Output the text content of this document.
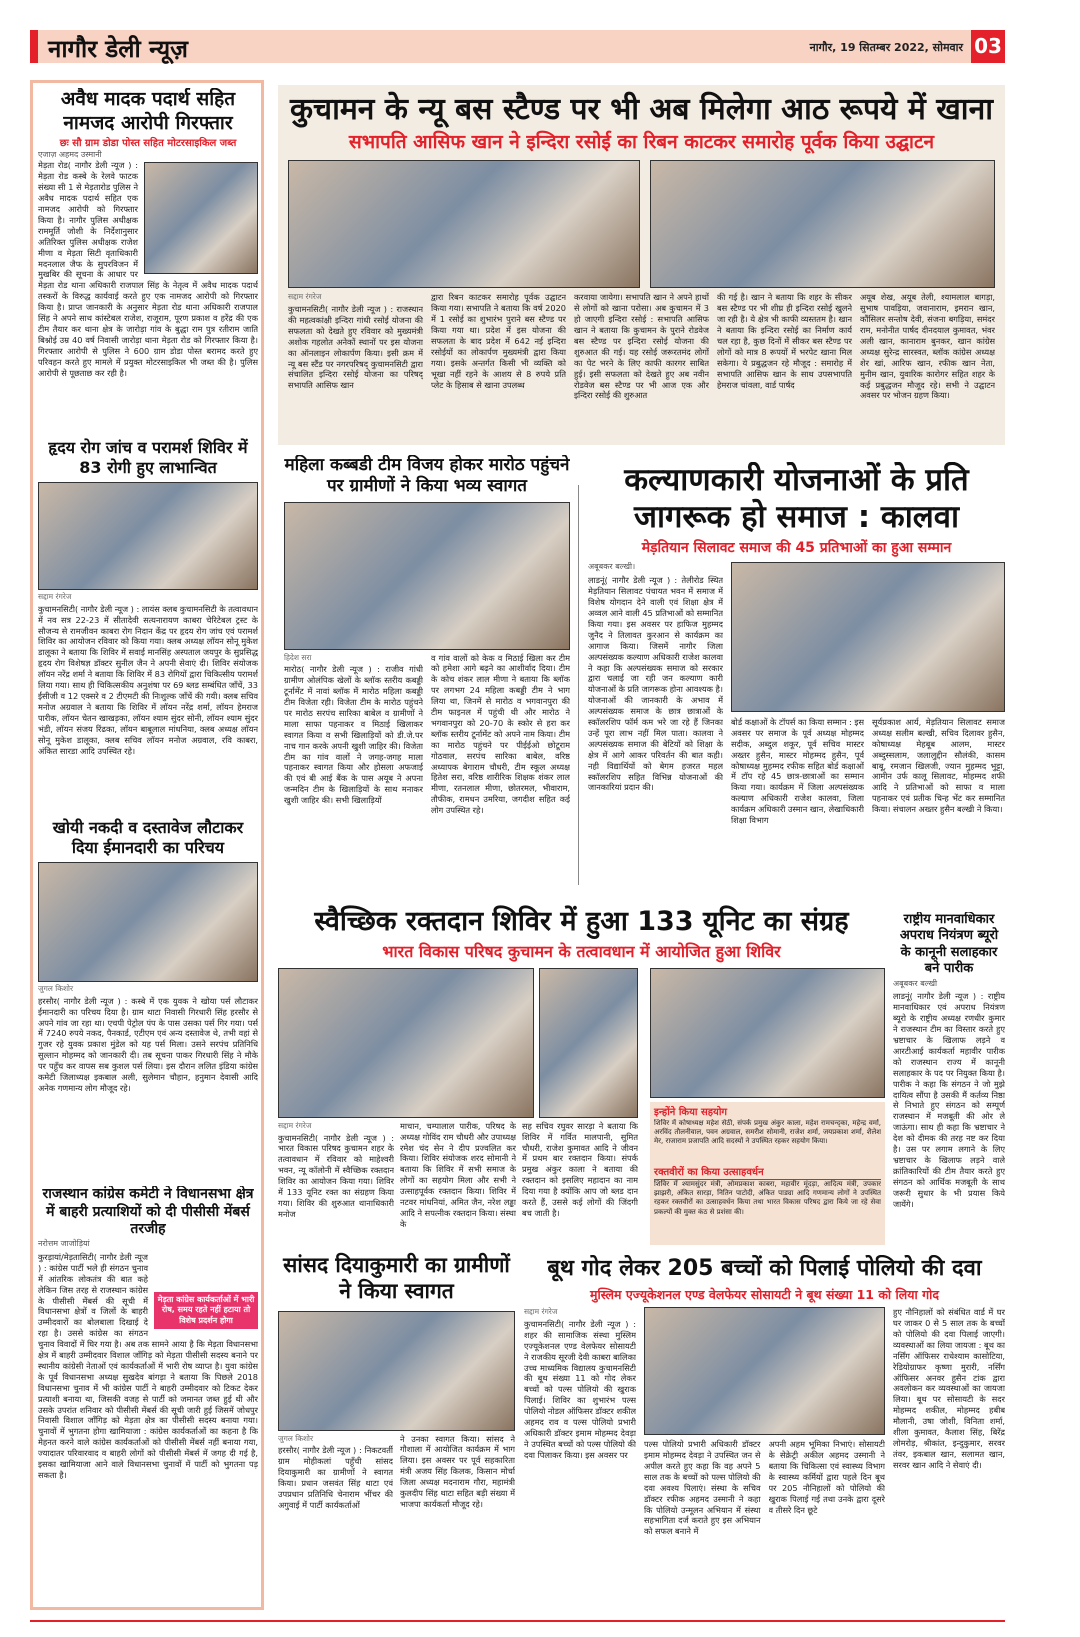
नागौर डेली न्यूज़	नागौर, 19 सितम्बर 2022, सोमवार 03
अवैध मादक पदार्थ सहित नामजद आरोपी गिरफ्तार
छः सौ ग्राम डोडा पोस्त सहित मोटरसाइकिल जब्त
एजाज़ अहमद उस्मानी
मेड़ता रोड( नागौर डेली न्यूज ) : मेड़ता रोड कस्बे के रेलवे फाटक संख्या सी 1 से मेड़तारोड पुलिस ने अवैध मादक पदार्थ सहित एक नामजद आरोपी को गिरफ्तार किया है। नागौर पुलिस अधीक्षक राममूर्ति जोशी के निर्देशानुसार अतिरिक्त पुलिस अधीक्षक राजेश मीणा व मेड़ता सिटी वृताधिकारी मदनलाल जैफ के सुपरविजन में मुखबिर की सूचना के आधार पर मेड़ता रोड थाना अधिकारी राजपाल सिंह के नेतृत्व में अवैध मादक पदार्थ तस्करों के विरुद्ध कार्यवाई करते हुए एक नामजद आरोपी को गिरफ्तार किया है। प्राप्त जानकारी के अनुसार मेड़ता रोड थाना अधिकारी राजपाल सिंह ने अपने साथ कांस्टेबल राजेश, राजूराम, पूरण प्रकाश व हरेंद्र की एक टीम तैयार कर थाना क्षेत्र के जारोड़ा गांव के बुद्धा राम पुत्र रतीराम जाति बिश्नोई उम्र 40 वर्ष निवासी जारोड़ा थाना मेड़ता रोड को गिरफ्तार किया है। गिरफ्तार आरोपी से पुलिस ने 600 ग्राम डोडा पोस्त बरामद करते हुए परिवहन करते हुए मामले में प्रयुक्त मोटरसाइकिल भी जब्त की है। पुलिस आरोपी से पूछताछ कर रही है।
हृदय रोग जांच व परामर्श शिविर में 83 रोगी हुए लाभान्वित
सद्दाम रंगरेज
कुचामनसिटी( नागौर डेली न्यूज ) : लायंस क्लब कुचामनसिटी के तत्वावधान में नव सत्र 22-23 में सीतादेवी सत्यनारायण काबरा चेरिटेबल ट्रस्ट के सौजन्य से रामजीवन काबरा रोग निदान केंद्र पर हृदय रोग जांच एवं परामर्श शिविर का आयोजन रविवार को किया गया। क्लब अध्यक्ष लॉयन सोनू मुकेश डालूका ने बताया कि शिविर में सवाई मानसिंह अस्पताल जयपुर के सुप्रसिद्ध हृदय रोग विशेषज्ञ डॉक्टर सुनील जैन ने अपनी सेवाएं दी। शिविर संयोजक लॉयन नरेंद्र शर्मा ने बताया कि शिविर में 83 रोगियों द्वारा चिकित्सीय परामर्श लिया गया। साथ ही चिकित्सकीय अनुशंषा पर 69 ब्लड सम्बंधित जाँचें, 33 ईसीजी व 12 एक्सरे व 2 टीएमटी की निःशुल्क जाँचें की गयी। क्लब सचिव मनोज अग्रवाल ने बताया कि शिविर में लॉयन नरेंद्र शर्मा, लॉयन हेमराज पारीक, लॉयन चेतन खाखड़का, लॉयन श्याम सुंदर सोनी, लॉयन श्याम सुंदर भंडी, लॉयन संजय रिंढका, लॉयन बाबूलाल मांधनिया, क्लब अध्यक्ष लॉयन सोनू मुकेश डालूका, क्लब सचिव लॉयन मनोज अग्रवाल, रवि काबरा, अंकित सारडा आदि उपस्थित रहे।
खोयी नकदी व दस्तावेज लौटाकर दिया ईमानदारी का परिचय
जुगल किशोर
हरसौर( नागौर डेली न्यूज ) : कस्बे में एक युवक ने खोया पर्स लौटाकर ईमानदारी का परिचय दिया है। ग्राम थाटा निवासी गिरधारी सिंह हरसौर से अपने गांव जा रहा था। एचपी पेट्रोल पंप के पास उसका पर्स गिर गया। पर्स में 7240 रुपये नकद, पैनकार्ड, एटीएम एवं अन्य दस्तावेज थे, तभी वहां से गुजर रहे युवक प्रकाश मुंडेल को यह पर्स मिला। उसने सरपंच प्रतिनिधि सुल्तान मोहम्मद को जानकारी दी। तब सूचना पाकर गिरधारी सिंह ने मौके पर पहुँच कर वापस सब कुशल पर्स लिया। इस दौरान ललित इंडिया कांग्रेस कमेटी जिलाध्यक्ष इकबाल अली, सुलेमान चौहान, हनुमान देवासी आदि अनेक गणमान्य लोग मौजूद रहे।
राजस्थान कांग्रेस कमेटी ने विधानसभा क्षेत्र में बाहरी प्रत्याशियों को दी पीसीसी मेंबर्स तरजीह
नरोत्तम जाजोड़ियां
मेड़ता कांग्रेस कार्यकर्ताओं में भारी रोष, समय रहते नहीं हटाया तो विशेष प्रदर्शन होगा
कुरड़ायां/मेड़तासिटी( नागौर डेली न्यूज ) : कांग्रेस पार्टी भले ही संगठन चुनाव में आंतरिक लोकतंत्र की बात कहे लेकिन जिस तरह से राजस्थान कांग्रेस के पीसीसी मेंबर्स की सूची में विधानसभा क्षेत्रों व जिलों के बाहरी उम्मीदवारों का बोलबाला दिखाई दे रहा है। उससे कांग्रेस का संगठन चुनाव विवादों में घिर गया है। अब तक सामने आया है कि मेड़ता विधानसभा क्षेत्र में बाहरी उम्मीदवार विशाल जाँगिड़ को मेड़ता पीसीसी सदस्य बनाने पर स्थानीय कांग्रेसी नेताओं एवं कार्यकर्ताओं में भारी रोष व्याप्त है। युवा कांग्रेस के पूर्व विधानसभा अध्यक्ष सुखदेव बांगड़ा ने बताया कि पिछले 2018 विधानसभा चुनाव में भी कांग्रेस पार्टी ने बाहरी उम्मीदवार को टिकट देकर प्रत्याशी बनाया था, जिसकी वजह से पार्टी को जमानत जब्त हुई थी और उसके उपरांत शनिवार को पीसीसी मेंबर्स की सूची जारी हुई जिसमें जोधपुर निवासी विशाल जाँगिड़ को मेड़ता क्षेत्र का पीसीसी सदस्य बनाया गया। चुनावों में भुगतना होगा खामियाजा : कांग्रेस कार्यकर्ताओं का कहना है कि मेहनत करने वाले कांग्रेस कार्यकर्ताओं को पीसीसी मेंबर्स नहीं बनाया गया, ज्यादातर परिवारवाद व बाहरी लोगों को पीसीसी मेंबर्स में जगह दी गई है, इसका खामियाजा आने वाले विधानसभा चुनावों में पार्टी को भुगतना पड़ सकता है।
कुचामन के न्यू बस स्टैण्ड पर भी अब मिलेगा आठ रूपये में खाना
सभापति आसिफ खान ने इन्दिरा रसोई का रिबन काटकर समारोह पूर्वक किया उद्घाटन
सद्दाम रंगरेज
कुचामनसिटी( नागौर डेली न्यूज ) : राजस्थान की महत्वकांक्षी इन्दिरा गांधी रसोई योजना की सफलता को देखते हुए रविवार को मुख्यमंत्री अशोक गहलोत अनेकों स्थानों पर इस योजना का ऑनलाइन लोकार्पण किया। इसी क्रम में न्यू बस स्टैंड पर नगरपरिषद् कुचामनसिटी द्वारा संचालित इन्दिरा रसोई योजना का परिषद् सभापति आसिफ खान
द्वारा रिबन काटकर समारोह पूर्वक उद्घाटन किया गया। सभापति ने बताया कि वर्ष 2020 में 1 रसोई का शुभारंभ पुराने बस स्टैण्ड पर किया गया था। प्रदेश में इस योजना की सफलता के बाद प्रदेश में 642 नई इन्दिरा रसोईयों का लोकार्पण मुख्यमंत्री द्वारा किया गया। इसके अन्तर्गत किसी भी व्यक्ति को भूखा नहीं रहने के आशय से 8 रुपये प्रति प्लेट के हिसाब से खाना उपलब्ध
करवाया जायेगा। सभापति खान ने अपने हाथों से लोगों को खाना परोसा। अब कुचामन में 3 हो जाएगी इन्दिरा रसोई : सभापति आसिफ खान ने बताया कि कुचामन के पुराने रोडवेज बस स्टैण्ड पर इन्दिरा रसोई योजना की शुरुआत की गई। यह रसोई जरूरतमंद लोगों का पेट भरने के लिए काफी कारगर साबित हुई। इसी सफलता को देखते हुए अब नवीन रोडवेज बस स्टैण्ड पर भी आज एक और इन्दिरा रसोई की शुरुआत
की गई है। खान ने बताया कि शहर के सीकर बस स्टैण्ड पर भी शीघ्र ही इन्दिरा रसोई खुलने जा रही है। ये क्षेत्र भी काफी व्यस्ततम है। खान ने बताया कि इन्दिरा रसोई का निर्माण कार्य चल रहा है, कुछ दिनों में सीकर बस स्टैण्ड पर लोगों को मात्र 8 रूपयों में भरपेट खाना मिल सकेगा। ये प्रबुद्धजन रहे मौजूद : समारोह में सभापति आसिफ खान के साथ उपसभापति हेमराज चांवला, वार्ड पार्षद
अयूब शेख, अयूब तेली, श्यामलाल बागड़ा, सुभाष पावड़िया, जवानाराम, इमरान खान, कौंसिलर सन्तोष देवी, संजना बगड़िया, समंदर राम, मनोनीत पार्षद दीनदयाल कुमावत, भंवर अली खान, कानाराम बुनकर, खान कांग्रेस अध्यक्ष सुरेन्द्र सारस्वत, ब्लॉक कांग्रेस अध्यक्ष शेर खां, आरिफ खान, रफीक खान नेता, मुनीम खान, युवारिक कारोगर सहित शहर के कई प्रबुद्धजन मौजूद रहे। सभी ने उद्घाटन अवसर पर भोजन ग्रहण किया।
महिला कब्बडी टीम विजय होकर मारोठ पहुंचने पर ग्रामीणों ने किया भव्य स्वागत
हिदेश सरा
मारोठ( नागौर डेली न्यूज ) : राजीव गांधी ग्रामीण ओलंपिक खेलों के ब्लॉक स्तरीय कबड्डी टूर्नामेंट में नावां ब्लॉक में मारोठ महिला कबड्डी टीम विजेता रही। विजेता टीम के मारोठ पहुंचने पर मारोठ सरपंच सारिका बाबेल व ग्रामीणों ने माला साफा पहनाकर व मिठाई खिलाकर स्वागत किया व सभी खिलाड़ियों को डी.जे.पर नाच गान करके अपनी खुशी जाहिर की। विजेता टीम का गांव वालों ने जगह-जगह माला पहनाकर स्वागत किया और होसला अफजाई की एवं बी आई बैंक के पास अयूब ने अपना जन्मदिन टीम के खिलाड़ियों के साथ मनाकर खुशी जाहिर की। सभी खिलाड़ियों
व गांव वालों को केक व मिठाई खिला कर टीम को हमेशा आगे बढ़ने का आशीर्वाद दिया। टीम के कोच शंकर लाल मीणा ने बताया कि ब्लॉक पर लगभग 24 महिला कबड्डी टीम ने भाग लिया था, जिनमें से मारोठ व भगवानपुरा की टीम फाइनल में पहुंची थी और मारोठ ने भगवानपुरा को 20-70 के स्कोर से हरा कर ब्लॉक स्तरीय टूर्नामेंट को अपने नाम किया। टीम का मारोठ पहुंचने पर पीईईओ छोटूराम गोठवाल, सरपंच सारिका बाबेल, वरिष्ठ अध्यापक बेगाराम चौधरी, टीम स्कूल अध्यक्ष हितेश सरा, वरिष्ठ शारीरिक शिक्षक शंकर लाल मीणा, रतनलाल मीणा, छोतरमल, भीवाराम, तौफीक, रामधन उमरिया, जगदीश सहित कई लोग उपस्थित रहे।
कल्याणकारी योजनाओं के प्रति जागरूक हो समाज : कालवा
मेड़तियान सिलावट समाज की 45 प्रतिभाओं का हुआ सम्मान
अबूबकर बल्खी।
लाडनूं( नागौर डेली न्यूज ) : तेलीरोड स्थित मेड़तियान सिलावट पंचायत भवन में समाज में विशेष योगदान देने वाली एवं शिक्षा क्षेत्र में अव्वल आने वाली 45 प्रतिभाओं को सम्मानित किया गया। इस अवसर पर हाफिज मुहम्मद जुनैद ने तिलावत कुरआन से कार्यक्रम का आगाज किया। जिसमें नागौर जिला अल्पसंख्यक कल्याण अधिकारी राजेश कालवा ने कहा कि अल्पसंख्यक समाज को सरकार द्वारा चलाई जा रही जन कल्याण कारी योजनाओं के प्रति जागरूक होना आवश्यक है। योजनाओं की जानकारी के अभाव में अल्पसंख्यक समाज के छात्र छात्राओं के स्कॉलरशिप फॉर्म कम भरे जा रहे हैं जिनका उन्हें पूरा लाभ नहीं मिल पाता। कालवा ने अल्पसंख्यक समाज की बेटियों को शिक्षा के क्षेत्र में आगे आकर परिवर्तन की बात कही। नही विद्यार्थियों को बेगम हजरत महल स्कॉलरशिप सहित विभिन्न योजनाओं की जानकारियां प्रदान की।
बोर्ड कक्षाओं के टॉपर्स का किया सम्मान : इस अवसर पर समाज के पूर्व अध्यक्ष मोहम्मद सदीक, अब्दुल शकूर, पूर्व सचिव मास्टर अख्तर हुसैन, मास्टर मोहम्मद हुसैन, पूर्व कोषाध्यक्ष मुहम्मद रफीक सहित बोर्ड कक्षाओं में टॉप रहे 45 छात्र-छात्राओं का सम्मान किया गया। कार्यक्रम में जिला अल्पसंख्यक कल्याण अधिकारी राजेश कालवा, जिला कार्यक्रम अधिकारी उस्मान खान, लेखाधिकारी शिक्षा विभाग
सूर्यप्रकाश आर्य, मेड़तियान सिलावट समाज अध्यक्ष सलीम बल्खी, सचिव दिलावर हुसैन, कोषाध्यक्ष मेहबूब आलम, मास्टर अब्दुस्सलाम, जलालुद्दीन सौलंकी, कासम बाबू, रमजान खिलजी, ज्यान मुहम्मद भुट्टा, आमीन उर्फ कालू सिलावट, मोहम्मद शफी आदि ने प्रतिभाओं को साफा व माला पहनाकर एवं प्रतीक चिन्ह भेंट कर सम्मानित किया। संचालन अख्तर हुसैन बल्खी ने किया।
स्वैच्छिक रक्तदान शिविर में हुआ 133 यूनिट का संग्रह
भारत विकास परिषद कुचामन के तत्वावधान में आयोजित हुआ शिविर
सद्दाम रंगरेज
कुचामनसिटी( नागौर डेली न्यूज ) : भारत विकास परिषद कुचामन शहर के तत्वावधान में रविवार को माहेश्वरी भवन, न्यू कॉलोनी में स्वैच्छिक रक्तदान शिविर का आयोजन किया गया। शिविर में 133 यूनिट रक्त का संग्रहण किया गया। शिविर की शुरुआत थानाधिकारी मनोज
माचान, चम्पालाल पारीक, परिषद के अध्यक्ष गोविंद राम चौधरी और उपाध्यक्ष रमेश चंद सेन ने दीप प्रज्वलित कर किया। शिविर संयोजक शरद सोमानी ने बताया कि शिविर में सभी समाज के लोगों का सहयोग मिला और सभी ने उत्साहपूर्वक रक्तदान किया। शिविर में नटवर मांधनियां, अमित जैन, नरेश लड्ढा आदि ने सपत्नीक रक्तदान किया। संस्था के
सह सचिव रघुवर सारड़ा ने बताया कि शिविर में गर्वित मालपानी, सुमित चौधरी, राजेश कुमावत आदि ने जीवन में प्रथम बार रक्तदान किया। संपर्क प्रमुख अंकुर काला ने बताया की रक्तदान को इसलिए महादान का नाम दिया गया है क्योंकि आप जो ब्लड दान करते हैं, उससे कई लोगों की जिंदगी बच जाती है।
इन्होंने किया सहयोग
शिविर में कोषाध्यक्ष महेश सेठी, संपर्क प्रमुख अंकुर काला, महेश रामचन्द्का, महेन्द्र वर्मा, अरविंद तौलनीवाल, पवन अग्रवाल, समरीश सोमानी, राजेश शर्मा, जयप्रकाश शर्मा, शैलेश मेर, राजाराम प्रजापति आदि सदस्यों ने उपस्थित रहकर सहयोग किया।
रक्तवीरों का किया उत्साहवर्धन
शिविर में श्यामसुंदर मंत्री, ओमप्रकाश काबरा, महावीर मूंदड़ा, आदित्य मंत्री, उपकार झाझरी, अंकित सारड़ा, नितिन पाटोदी, अंकित पाड्या आदि गणमान्य लोगों ने उपस्थित रहकर रक्तवीरों का उत्साहवर्धन किया तथा भारत विकास परिषद द्वारा किये जा रहे सेवा प्रकल्पों की मुक्त कंठ से प्रशंसा की।
राष्ट्रीय मानवाधिकार अपराध नियंत्रण ब्यूरो के कानूनी सलाहकार बने पारीक
अबूबकर बल्खी
लाडनूं( नागौर डेली न्यूज ) : राष्ट्रीय मानवाधिकार एवं अपराध नियंत्रण ब्यूरो के राष्ट्रीय अध्यक्ष रणधीर कुमार ने राजस्थान टीम का विस्तार करते हुए भ्रष्टाचार के खिलाफ लड़ने व आरटीआई कार्यकर्ता महावीर पारीक को राजस्थान राज्य में कानूनी सलाहकार के पद पर नियुक्त किया है। पारीक ने कहा कि संगठन ने जो मुझे दायित्व सौंपा है उसकी मैं कर्तव्य निष्ठा से निभाते हुए संगठन को सम्पूर्ण राजस्थान में मजबूती की ओर ले जाऊंगा। साथ ही कहा कि भ्रष्टाचार ने देश को दीमक की तरह नष्ट कर दिया है। उस पर लगाम लगाने के लिए भ्रष्टाचार के खिलाफ लड़ने वाले क्रांतिकारियों की टीम तैयार करते हुए संगठन को आर्थिक मजबूती के साथ जरूरी सुधार के भी प्रयास किये जायेंगे।
सांसद दियाकुमारी का ग्रामीणों ने किया स्वागत
जुगल किशोर
हरसौर( नागौर डेली न्यूज ) : निकटवर्ती ग्राम मोहीकलां पहुँची सांसद दियाकुमारी का ग्रामीणों ने स्वागत किया। प्रधान जसवंत सिंह थाटा एवं उपप्रधान प्रतिनिधि चेनाराम भींचर की अगुवाई में पार्टी कार्यकर्ताओं
ने उनका स्वागत किया। सांसद ने गौशाला में आयोजित कार्यक्रम में भाग लिया। इस अवसर पर पूर्व सहकारिता मंत्री अजय सिंह किलक, किसान मोर्चा जिला अध्यक्ष मदनाराम गौरा, महामंत्री कुलदीप सिंह थाटा सहित बड़ी संख्या में भाजपा कार्यकर्ता मौजूद रहे।
बूथ गोद लेकर 205 बच्चों को पिलाई पोलियो की दवा
मुस्लिम एज्यूकेशनल एण्ड वेलफेयर सोसायटी ने बूथ संख्या 11 को लिया गोद
सद्दाम रंगरेज
कुचामनसिटी( नागौर डेली न्यूज ) : शहर की सामाजिक संस्था मुस्लिम एज्यूकेशनल एण्ड वेलफेयर सोसायटी ने राजकीय सूरजी देवी काबरा बालिका उच्च माध्यमिक विद्यालय कुचामनसिटी की बूथ संख्या 11 को गोद लेकर बच्चों को पल्स पोलियो की खुराक पिलाई। शिविर का शुभारंभ पल्स पोलियो नोडल ऑफिसर डॉक्टर शकील अहमद राव व पल्स पोलियो प्रभारी अधिकारी डॉक्टर इमाम मोहम्मद देवड़ा ने उपस्थित बच्चों को पल्स पोलियो की दवा पिलाकर किया। इस अवसर पर
पल्स पोलियो प्रभारी अधिकारी डॉक्टर इमाम मोहम्मद देवड़ा ने उपस्थित जन से अपील करते हुए कहा कि वह अपने 5 साल तक के बच्चों को पल्स पोलियो की दवा अवश्य पिलाएं। संस्था के सचिव डॉक्टर रफीक अहमद उस्मानी ने कहा कि पोलियो उन्मूलन अभियान में संस्था सहभागिता दर्ज कराते हुए इस अभियान को सफल बनाने में
अपनी अहम भूमिका निभाएं। सोसायटी के सेक्रेट्री अकील अहमद उस्मानी ने बताया कि चिकित्सा एवं स्वास्थ्य विभाग के स्वास्थ्य कर्मियों द्वारा पहले दिन बूथ पर 205 नौनिहालों को पोलियो की खुराक पिलाई गई तथा उनके द्वारा दूसरे व तीसरे दिन छूटे
हुए नौनिहालों को संबंधित वार्ड में घर घर जाकर 0 से 5 साल तक के बच्चों को पोलियो की दवा पिलाई जाएगी। व्यवस्थाओं का लिया जायजा : बूथ का नर्सिंग ऑफिसर राधेश्याम कासोटिया, रेडियोग्राफर कृष्णा मुरारी, नर्सिंग ऑफिसर अनवर हुसैन टांक द्वारा अवलोकन कर व्यवस्थाओं का जायजा लिया। बूथ पर सोसायटी के सदर मोहम्मद शकील, मोहम्मद हबीब मौलानी, उषा जोशी, विनिता शर्मा, शीला कुमावत, कैलाश सिंह, बिरेंद्र लोमरोड़, श्रीकांत, इन्दुकुमार, सरवर तंवर, इकबाल खान, सलामत खान, सरवर खान आदि ने सेवाएं दी।
